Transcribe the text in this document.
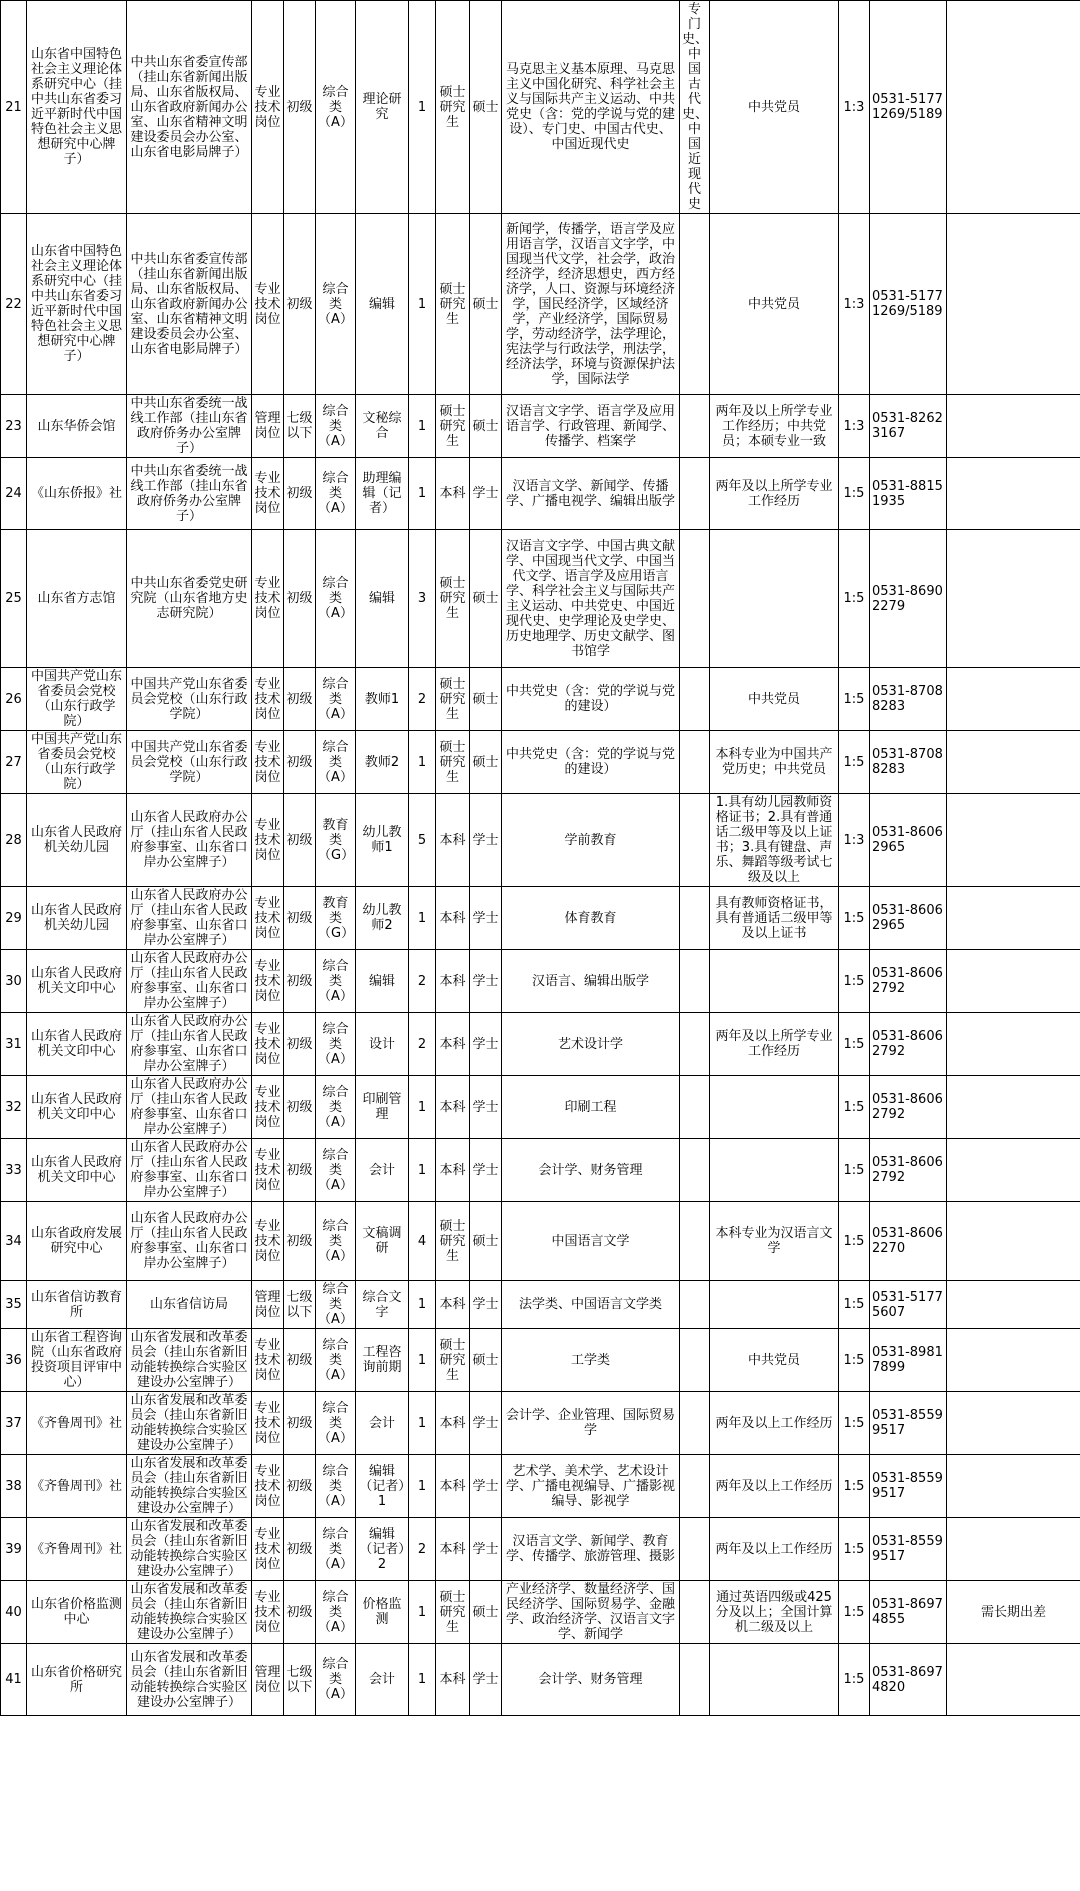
21	山东省中国特色社会主义理论体系研究中心（挂中共山东省委习近平新时代中国特色社会主义思想研究中心牌子）	中共山东省委宣传部（挂山东省新闻出版局、山东省版权局、山东省政府新闻办公室、山东省精神文明建设委员会办公室、山东省电影局牌子）	专业技术岗位	初级	综合类（A）	理论研究	1	硕士研究生	硕士	马克思主义基本原理、马克思主义中国化研究、科学社会主义与国际共产主义运动、中共党史（含：党的学说与党的建设）、专门史、中国古代史、中国近现代史	专门史、中国古代史、中国近现代史	中共党员	1:3	0531-51771269/5189	
22	山东省中国特色社会主义理论体系研究中心（挂中共山东省委习近平新时代中国特色社会主义思想研究中心牌子）	中共山东省委宣传部（挂山东省新闻出版局、山东省版权局、山东省政府新闻办公室、山东省精神文明建设委员会办公室、山东省电影局牌子）	专业技术岗位	初级	综合类（A）	编辑	1	硕士研究生	硕士	新闻学，传播学，语言学及应用语言学，汉语言文字学，中国现当代文学，社会学，政治经济学，经济思想史，西方经济学，人口、资源与环境经济学，国民经济学，区域经济学，产业经济学，国际贸易学，劳动经济学，法学理论，宪法学与行政法学，刑法学，经济法学，环境与资源保护法学，国际法学		中共党员	1:3	0531-51771269/5189	
23	山东华侨会馆	中共山东省委统一战线工作部（挂山东省政府侨务办公室牌子）	管理岗位	七级以下	综合类（A）	文秘综合	1	硕士研究生	硕士	汉语言文字学、语言学及应用语言学、行政管理、新闻学、传播学、档案学		两年及以上所学专业工作经历；中共党员；本硕专业一致	1:3	0531-82623167	
24	《山东侨报》社	中共山东省委统一战线工作部（挂山东省政府侨务办公室牌子）	专业技术岗位	初级	综合类（A）	助理编辑（记者）	1	本科	学士	汉语言文学、新闻学、传播学、广播电视学、编辑出版学		两年及以上所学专业工作经历	1:5	0531-88151935	
25	山东省方志馆	中共山东省委党史研究院（山东省地方史志研究院）	专业技术岗位	初级	综合类（A）	编辑	3	硕士研究生	硕士	汉语言文字学、中国古典文献学、中国现当代文学、中国当代文学、语言学及应用语言学、科学社会主义与国际共产主义运动、中共党史、中国近现代史、史学理论及史学史、历史地理学、历史文献学、图书馆学			1:5	0531-86902279	
26	中国共产党山东省委员会党校（山东行政学院）	中国共产党山东省委员会党校（山东行政学院）	专业技术岗位	初级	综合类（A）	教师1	2	硕士研究生	硕士	中共党史（含：党的学说与党的建设）		中共党员	1:5	0531-87088283	
27	中国共产党山东省委员会党校（山东行政学院）	中国共产党山东省委员会党校（山东行政学院）	专业技术岗位	初级	综合类（A）	教师2	1	硕士研究生	硕士	中共党史（含：党的学说与党的建设）		本科专业为中国共产党历史；中共党员	1:5	0531-87088283	
28	山东省人民政府机关幼儿园	山东省人民政府办公厅（挂山东省人民政府参事室、山东省口岸办公室牌子）	专业技术岗位	初级	教育类（G）	幼儿教师1	5	本科	学士	学前教育		1.具有幼儿园教师资格证书；2.具有普通话二级甲等及以上证书；3.具有键盘、声乐、舞蹈等级考试七级及以上	1:3	0531-86062965	
29	山东省人民政府机关幼儿园	山东省人民政府办公厅（挂山东省人民政府参事室、山东省口岸办公室牌子）	专业技术岗位	初级	教育类（G）	幼儿教师2	1	本科	学士	体育教育		具有教师资格证书，具有普通话二级甲等及以上证书	1:5	0531-86062965	
30	山东省人民政府机关文印中心	山东省人民政府办公厅（挂山东省人民政府参事室、山东省口岸办公室牌子）	专业技术岗位	初级	综合类（A）	编辑	2	本科	学士	汉语言、编辑出版学			1:5	0531-86062792	
31	山东省人民政府机关文印中心	山东省人民政府办公厅（挂山东省人民政府参事室、山东省口岸办公室牌子）	专业技术岗位	初级	综合类（A）	设计	2	本科	学士	艺术设计学		两年及以上所学专业工作经历	1:5	0531-86062792	
32	山东省人民政府机关文印中心	山东省人民政府办公厅（挂山东省人民政府参事室、山东省口岸办公室牌子）	专业技术岗位	初级	综合类（A）	印刷管理	1	本科	学士	印刷工程			1:5	0531-86062792	
33	山东省人民政府机关文印中心	山东省人民政府办公厅（挂山东省人民政府参事室、山东省口岸办公室牌子）	专业技术岗位	初级	综合类（A）	会计	1	本科	学士	会计学、财务管理			1:5	0531-86062792	
34	山东省政府发展研究中心	山东省人民政府办公厅（挂山东省人民政府参事室、山东省口岸办公室牌子）	专业技术岗位	初级	综合类（A）	文稿调研	4	硕士研究生	硕士	中国语言文学		本科专业为汉语言文学	1:5	0531-86062270	
35	山东省信访教育所	山东省信访局	管理岗位	七级以下	综合类（A）	综合文字	1	本科	学士	法学类、中国语言文学类			1:5	0531-51775607	
36	山东省工程咨询院（山东省政府投资项目评审中心）	山东省发展和改革委员会（挂山东省新旧动能转换综合实验区建设办公室牌子）	专业技术岗位	初级	综合类（A）	工程咨询前期	1	硕士研究生	硕士	工学类		中共党员	1:5	0531-89817899	
37	《齐鲁周刊》社	山东省发展和改革委员会（挂山东省新旧动能转换综合实验区建设办公室牌子）	专业技术岗位	初级	综合类（A）	会计	1	本科	学士	会计学、企业管理、国际贸易学		两年及以上工作经历	1:5	0531-85599517	
38	《齐鲁周刊》社	山东省发展和改革委员会（挂山东省新旧动能转换综合实验区建设办公室牌子）	专业技术岗位	初级	综合类（A）	编辑（记者）1	1	本科	学士	艺术学、美术学、艺术设计学、广播电视编导、广播影视编导、影视学		两年及以上工作经历	1:5	0531-85599517	
39	《齐鲁周刊》社	山东省发展和改革委员会（挂山东省新旧动能转换综合实验区建设办公室牌子）	专业技术岗位	初级	综合类（A）	编辑（记者）2	2	本科	学士	汉语言文学、新闻学、教育学、传播学、旅游管理、摄影		两年及以上工作经历	1:5	0531-85599517	
40	山东省价格监测中心	山东省发展和改革委员会（挂山东省新旧动能转换综合实验区建设办公室牌子）	专业技术岗位	初级	综合类（A）	价格监测	1	硕士研究生	硕士	产业经济学、数量经济学、国民经济学、国际贸易学、金融学、政治经济学、汉语言文字学、新闻学		通过英语四级或425分及以上；全国计算机二级及以上	1:5	0531-86974855	需长期出差
41	山东省价格研究所	山东省发展和改革委员会（挂山东省新旧动能转换综合实验区建设办公室牌子）	管理岗位	七级以下	综合类（A）	会计	1	本科	学士	会计学、财务管理			1:5	0531-86974820	
